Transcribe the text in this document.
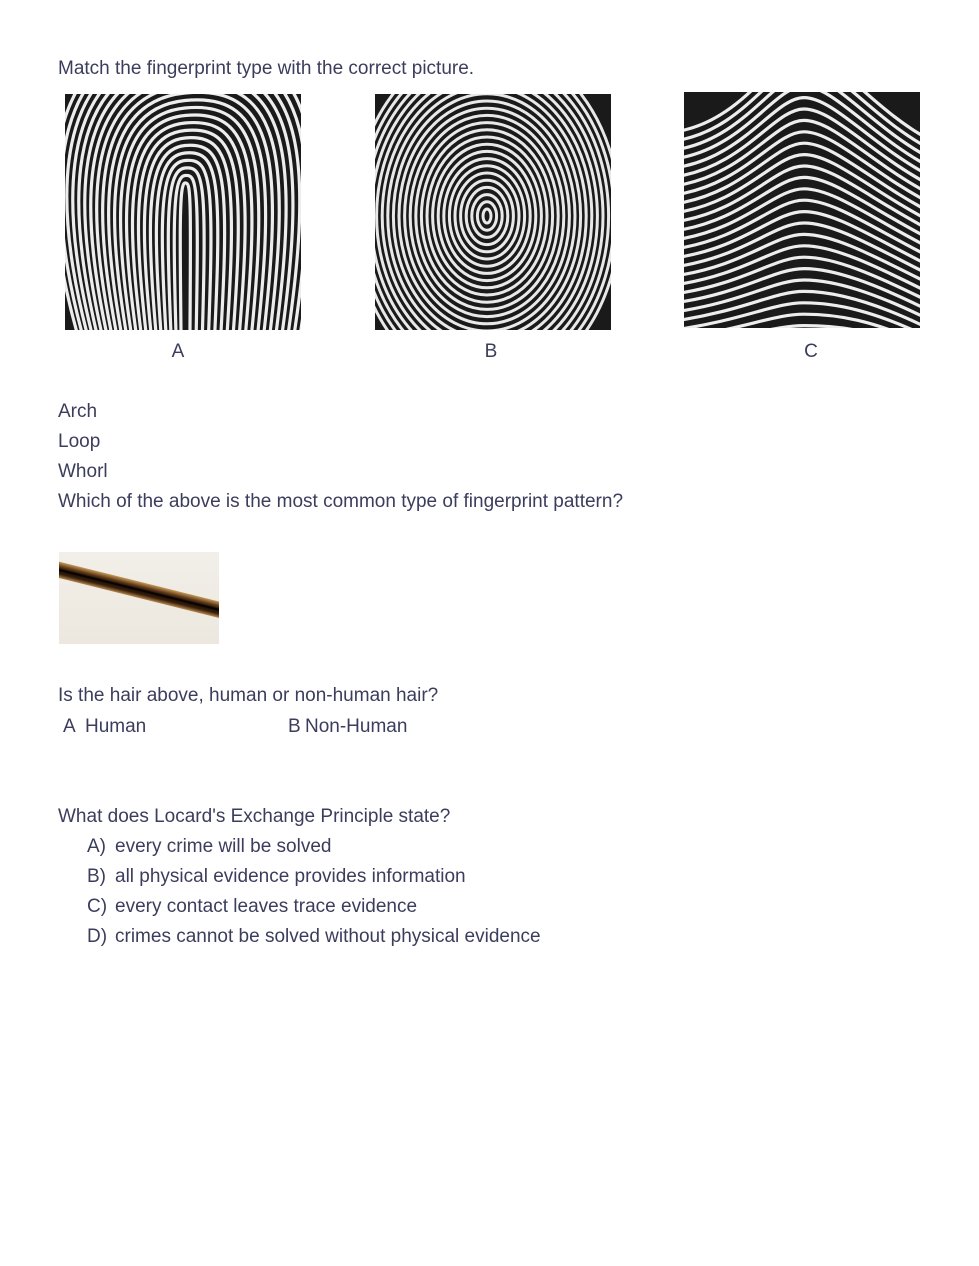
Match the fingerprint type with the correct picture.
A	B	C
Arch
Loop
Whorl
Which of the above is the most common type of fingerprint pattern?
Is the hair above, human or non-human hair?
A Human	B Non-Human
What does Locard's Exchange Principle state?
A) every crime will be solved
B) all physical evidence provides information
C) every contact leaves trace evidence
D) crimes cannot be solved without physical evidence
